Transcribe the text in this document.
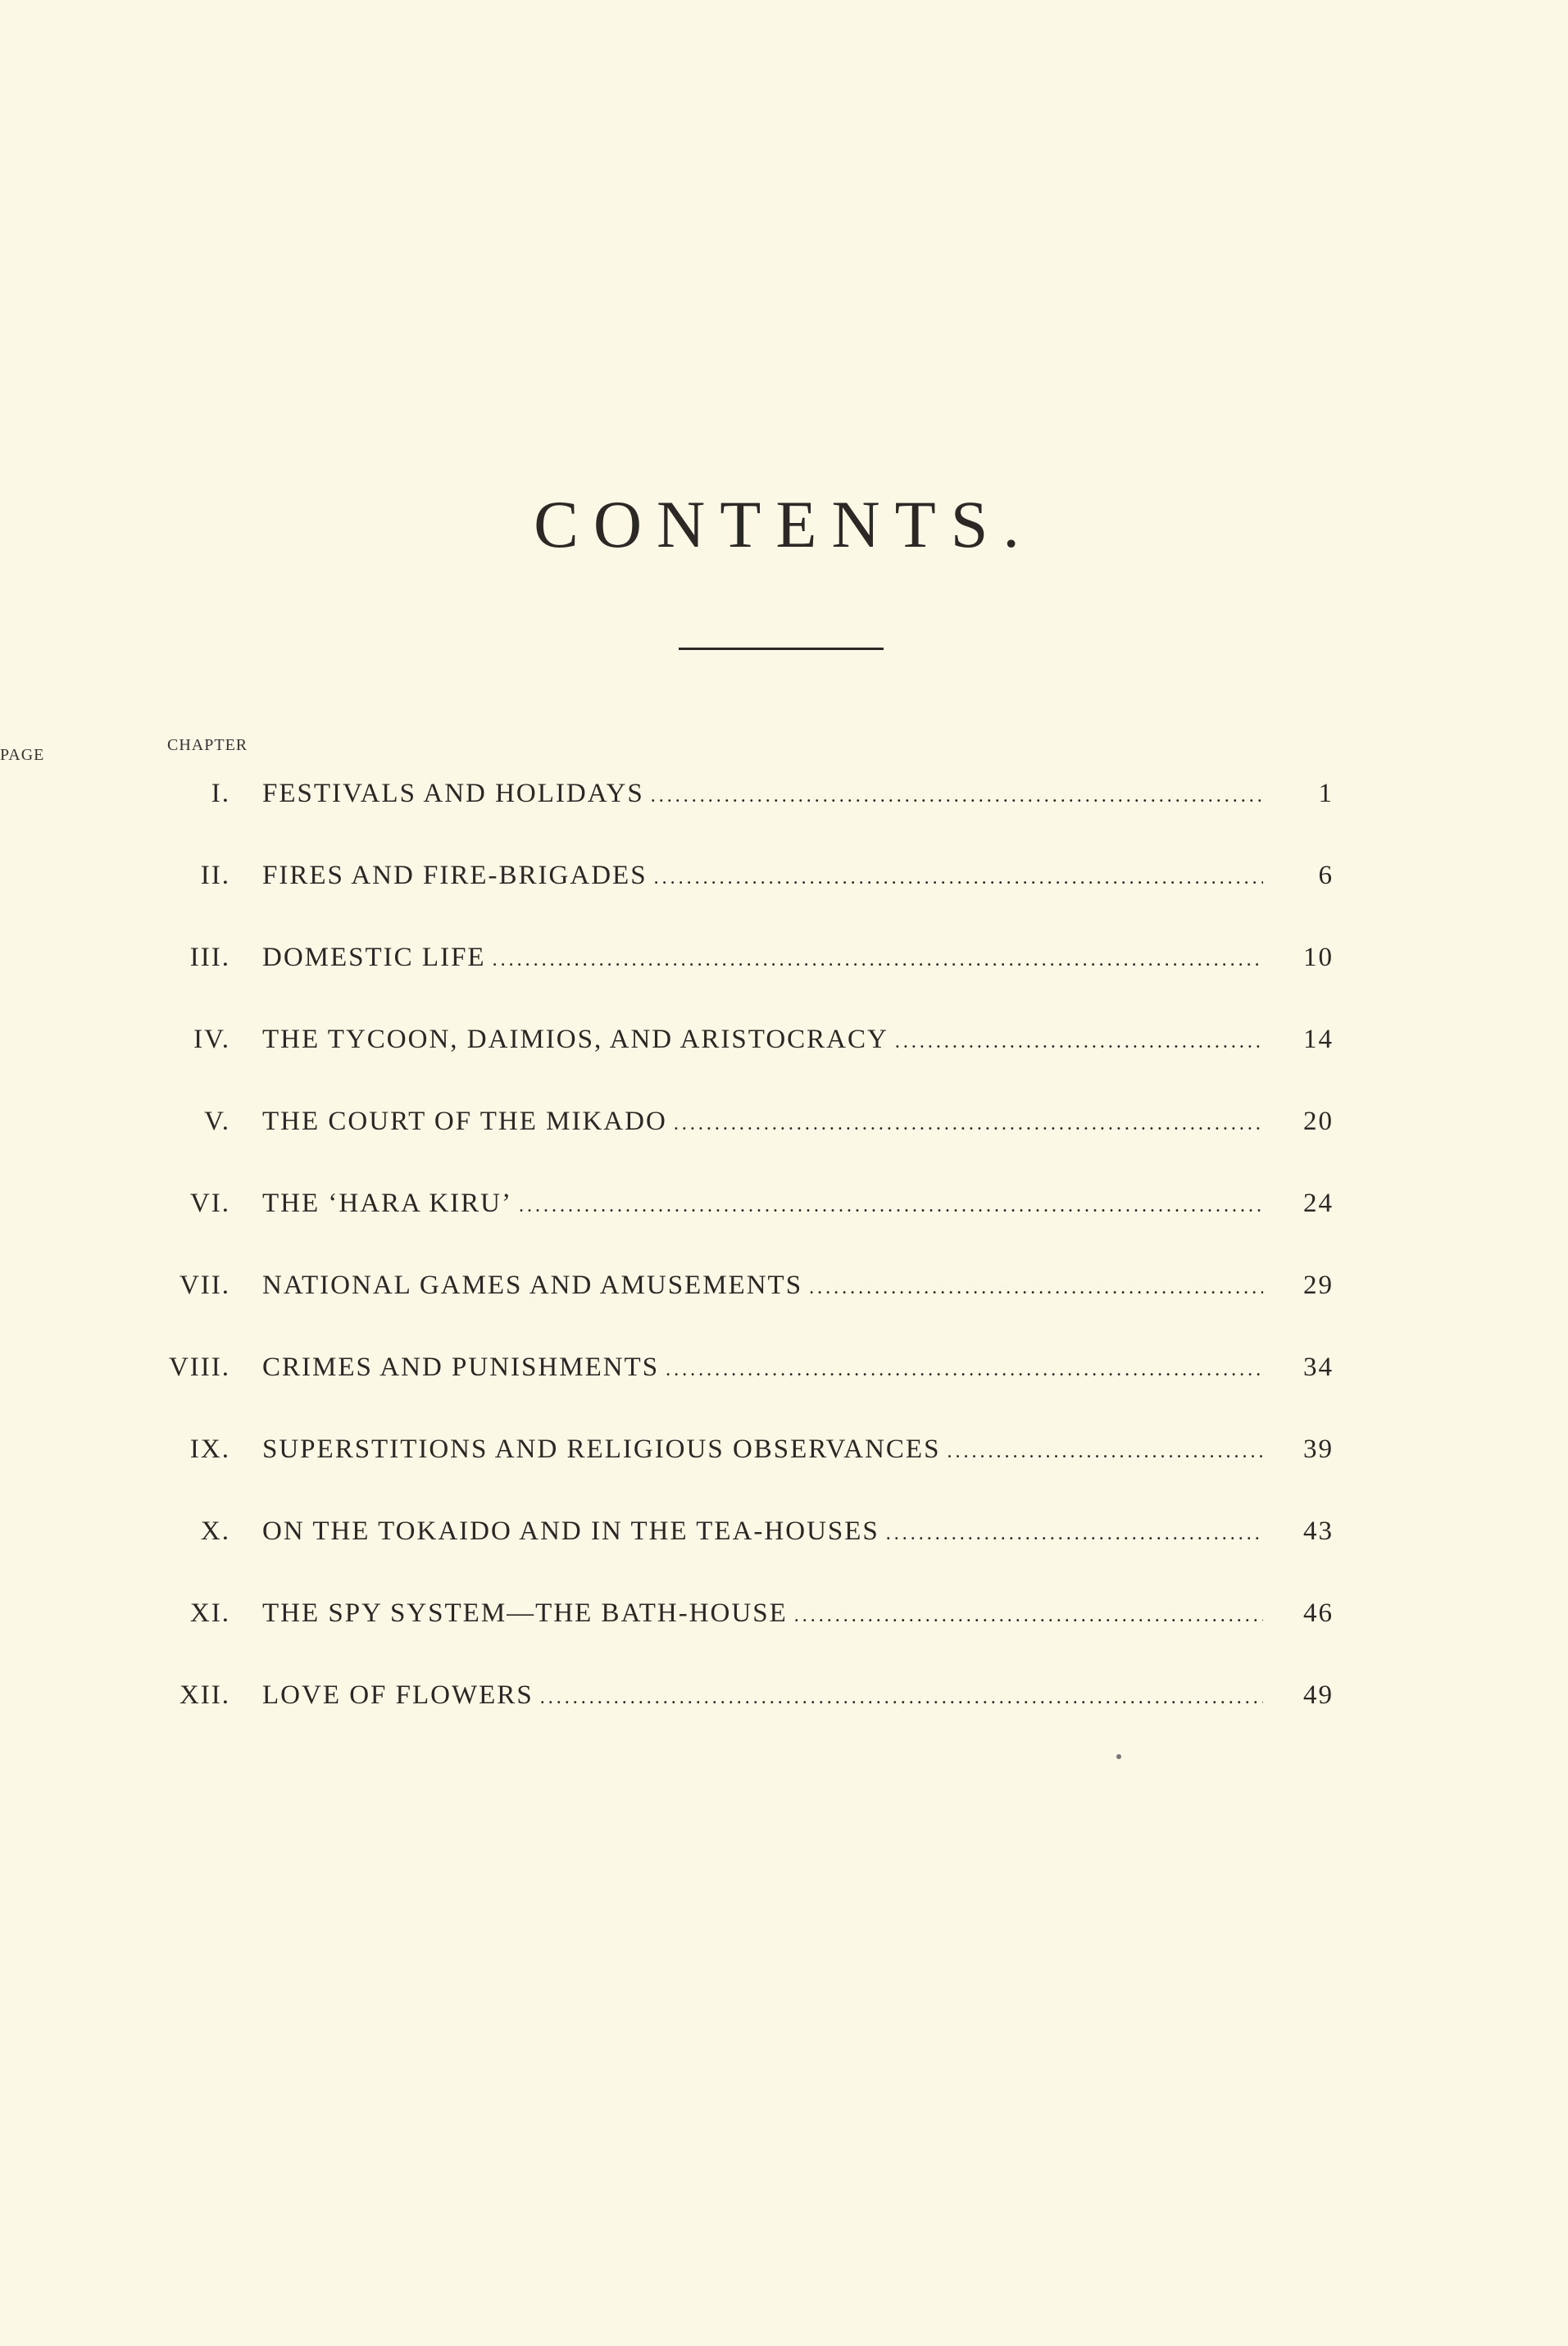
CONTENTS.
CHAPTER
PAGE
I. FESTIVALS AND HOLIDAYS .....	1
II. FIRES AND FIRE-BRIGADES .....	6
III. DOMESTIC LIFE .....	10
IV. THE TYCOON, DAIMIOS, AND ARISTOCRACY .....	14
V. THE COURT OF THE MIKADO .....	20
VI. THE ‘HARA KIRU’ .....	24
VII. NATIONAL GAMES AND AMUSEMENTS .....	29
VIII. CRIMES AND PUNISHMENTS .....	34
IX. SUPERSTITIONS AND RELIGIOUS OBSERVANCES .....	39
X. ON THE TOKAIDO AND IN THE TEA-HOUSES .....	43
XI. THE SPY SYSTEM—THE BATH-HOUSE .....	46
XII. LOVE OF FLOWERS .....	49
